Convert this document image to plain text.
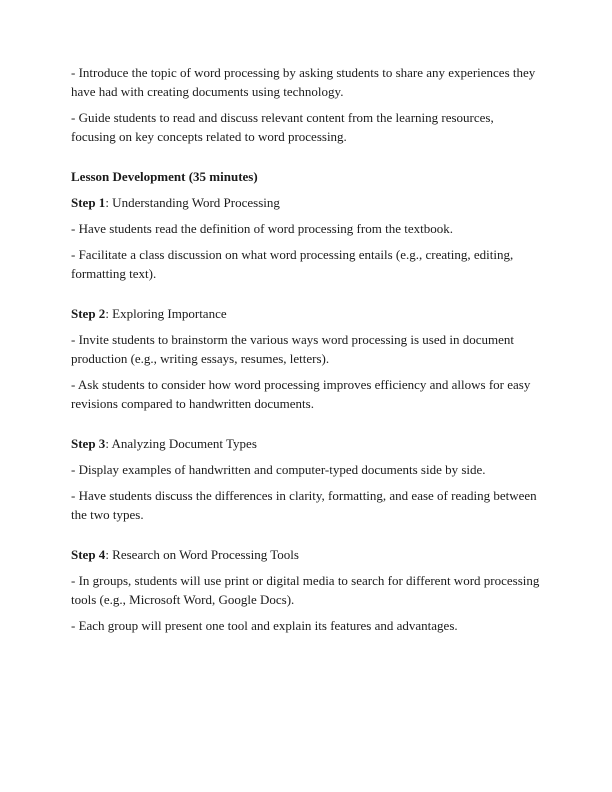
- Introduce the topic of word processing by asking students to share any experiences they have had with creating documents using technology.

- Guide students to read and discuss relevant content from the learning resources, focusing on key concepts related to word processing.

Lesson Development (35 minutes)

Step 1: Understanding Word Processing

- Have students read the definition of word processing from the textbook.

- Facilitate a class discussion on what word processing entails (e.g., creating, editing, formatting text).

Step 2: Exploring Importance

- Invite students to brainstorm the various ways word processing is used in document production (e.g., writing essays, resumes, letters).

- Ask students to consider how word processing improves efficiency and allows for easy revisions compared to handwritten documents.

Step 3: Analyzing Document Types

- Display examples of handwritten and computer-typed documents side by side.

- Have students discuss the differences in clarity, formatting, and ease of reading between the two types.

Step 4: Research on Word Processing Tools

- In groups, students will use print or digital media to search for different word processing tools (e.g., Microsoft Word, Google Docs).

- Each group will present one tool and explain its features and advantages.
